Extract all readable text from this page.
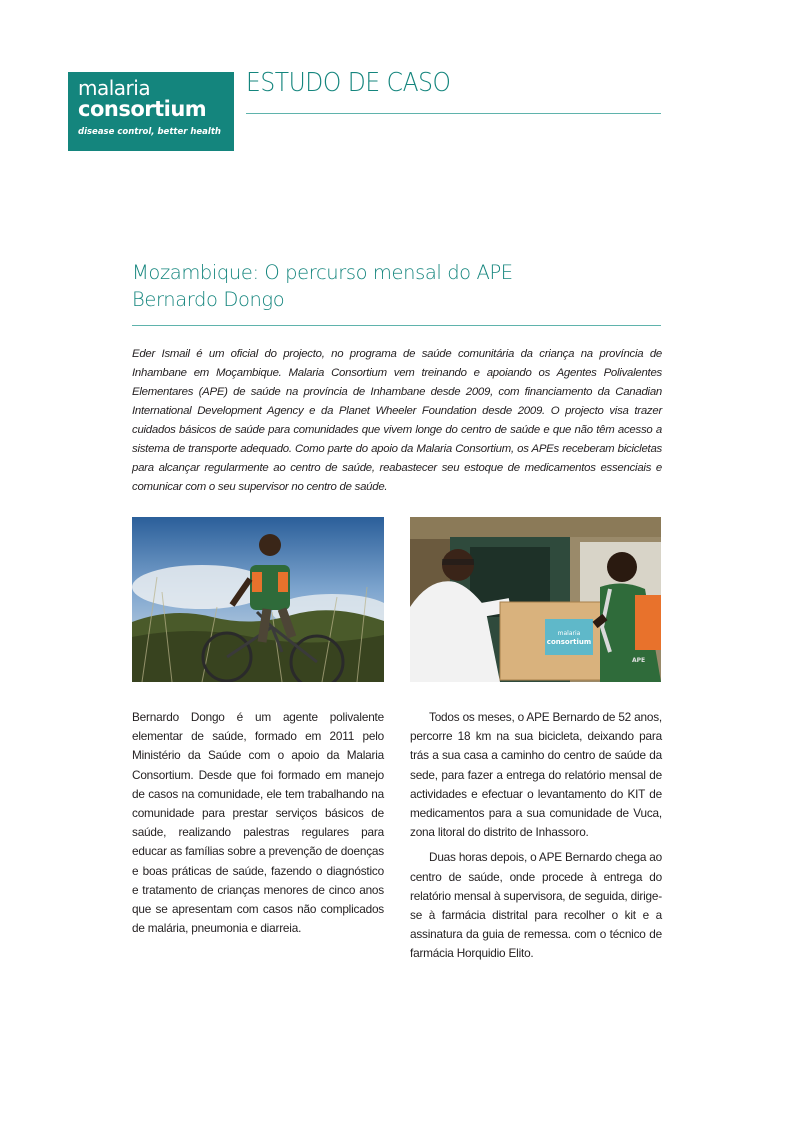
malaria
consortium
disease control, better health
ESTUDO DE CASO
Mozambique: O percurso mensal do APE
Bernardo Dongo

Eder Ismail é um oficial do projecto, no programa de saúde comunitária da criança na província de Inhambane em Moçambique. Malaria Consortium vem treinando e apoiando os Agentes Polivalentes Elementares (APE) de saúde na província de Inhambane desde 2009, com financiamento da Canadian International Development Agency e da Planet Wheeler Foundation desde 2009. O projecto visa trazer cuidados básicos de saúde para comunidades que vivem longe do centro de saúde e que não têm acesso a sistema de transporte adequado. Como parte do apoio da Malaria Consortium, os APEs receberam bicicletas para alcançar regularmente ao centro de saúde, reabastecer seu estoque de medicamentos essenciais e comunicar com o seu supervisor no centro de saúde.

malaria
consortium
APE

Bernardo Dongo é um agente polivalente elementar de saúde, formado em 2011 pelo Ministério da Saúde com o apoio da Malaria Consortium. Desde que foi formado em manejo de casos na comunidade, ele tem trabalhando na comunidade para prestar serviços básicos de saúde, realizando palestras regulares para educar as famílias sobre a prevenção de doenças e boas práticas de saúde, fazendo o diagnóstico e tratamento de crianças menores de cinco anos que se apresentam com casos não complicados de malária, pneumonia e diarreia.

Todos os meses, o APE Bernardo de 52 anos, percorre 18 km na sua bicicleta, deixando para trás a sua casa a caminho do centro de saúde da sede, para fazer a entrega do relatório mensal de actividades e efectuar o levantamento do KIT de medicamentos para a sua comunidade de Vuca, zona litoral do distrito de Inhassoro.

Duas horas depois, o APE Bernardo chega ao centro de saúde, onde procede à entrega do relatório mensal à supervisora, de seguida, dirige-se à farmácia distrital para recolher o kit e a assinatura da guia de remessa. com o técnico de farmácia Horquidio Elito.
